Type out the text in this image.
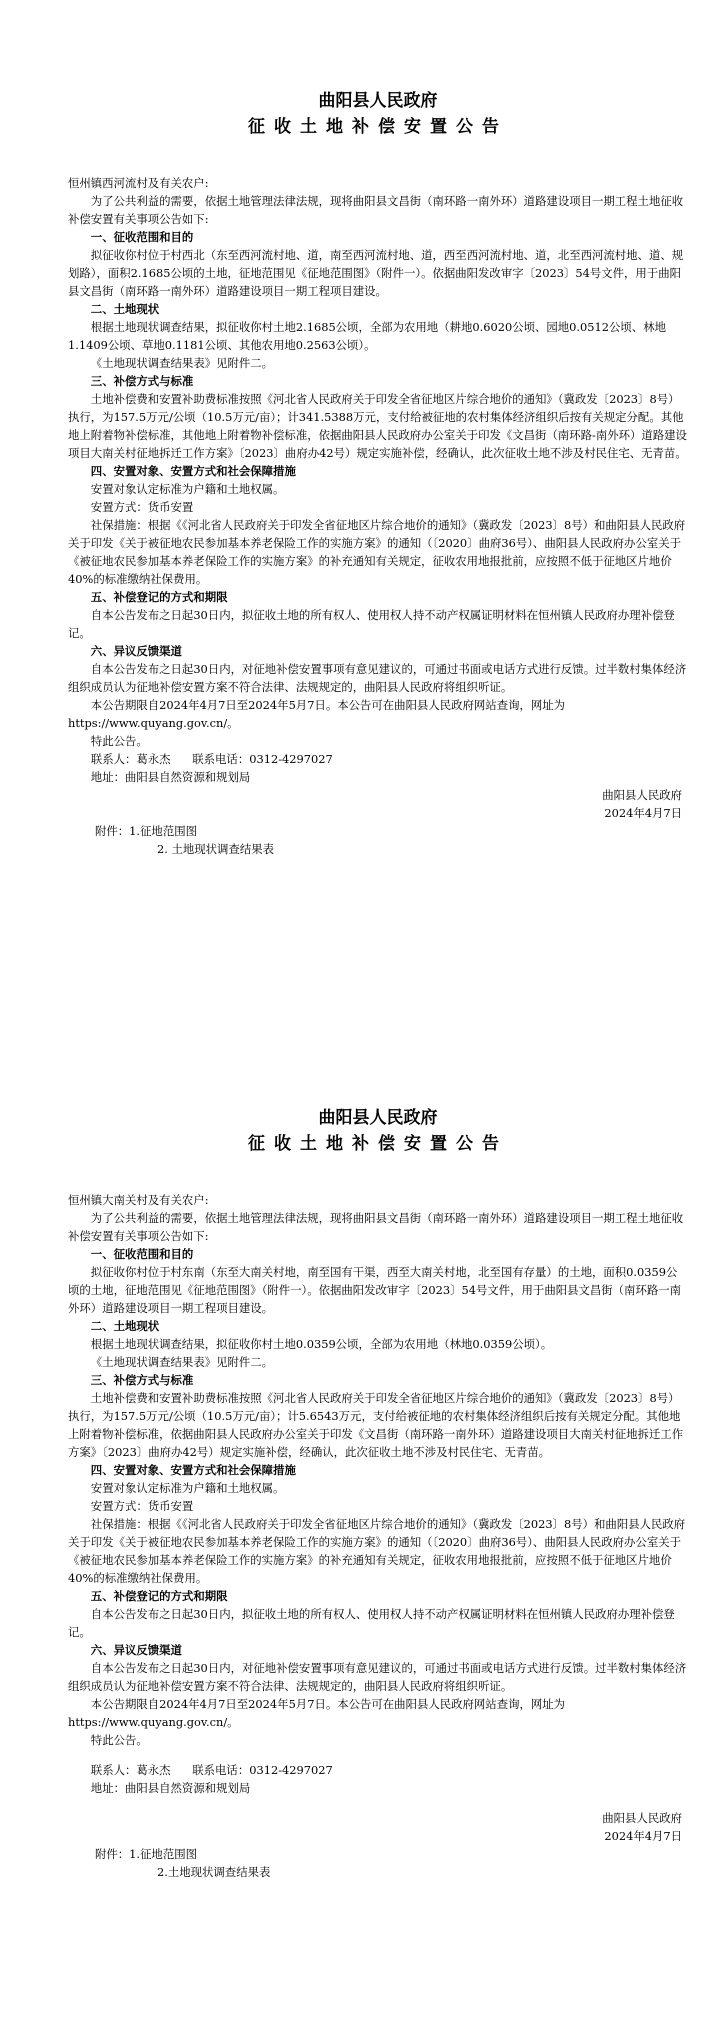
曲阳县人民政府

征收土地补偿安置公告

恒州镇西河流村及有关农户:

为了公共利益的需要，依据土地管理法律法规，现将曲阳县文昌街（南环路一南外环）道路建设项目一期工程土地征收补偿安置有关事项公告如下:

一、征收范围和目的

拟征收你村位于村西北（东至西河流村地、道，南至西河流村地、道，西至西河流村地、道，北至西河流村地、道、规划路），面积2.1685公顷的土地，征地范围见《征地范围图》（附件一）。依据曲阳发改审字〔2023〕54号文件，用于曲阳县文昌街（南环路一南外环）道路建设项目一期工程项目建设。

二、土地现状

根据土地现状调查结果，拟征收你村土地2.1685公顷，全部为农用地（耕地0.6020公顷、园地0.0512公顷、林地1.1409公顷、草地0.1181公顷、其他农用地0.2563公顷）。

《土地现状调查结果表》见附件二。

三、补偿方式与标准

土地补偿费和安置补助费标准按照《河北省人民政府关于印发全省征地区片综合地价的通知》（冀政发〔2023〕8号）执行，为157.5万元/公顷（10.5万元/亩）；计341.5388万元，支付给被征地的农村集体经济组织后按有关规定分配。其他地上附着物补偿标准，其他地上附着物补偿标准，依据曲阳县人民政府办公室关于印发《文昌街（南环路-南外环）道路建设项目大南关村征地拆迁工作方案》〔2023〕曲府办42号）规定实施补偿，经确认，此次征收土地不涉及村民住宅、无青苗。

四、安置对象、安置方式和社会保障措施

安置对象认定标准为户籍和土地权属。

安置方式：货币安置

社保措施：根据《《河北省人民政府关于印发全省征地区片综合地价的通知》（冀政发〔2023〕8号）和曲阳县人民政府关于印发《关于被征地农民参加基本养老保险工作的实施方案》的通知（〔2020〕曲府36号）、曲阳县人民政府办公室关于《被征地农民参加基本养老保险工作的实施方案》的补充通知有关规定，征收农用地报批前，应按照不低于征地区片地价40%的标准缴纳社保费用。

五、补偿登记的方式和期限

自本公告发布之日起30日内，拟征收土地的所有权人、使用权人持不动产权属证明材料在恒州镇人民政府办理补偿登记。

六、异议反馈渠道

自本公告发布之日起30日内，对征地补偿安置事项有意见建议的，可通过书面或电话方式进行反馈。过半数村集体经济组织成员认为征地补偿安置方案不符合法律、法规规定的，曲阳县人民政府将组织听证。

本公告期限自2024年4月7日至2024年5月7日。本公告可在曲阳县人民政府网站查询，网址为https://www.quyang.gov.cn/。

特此公告。

联系人：葛永杰      联系电话：0312-4297027

地址：曲阳县自然资源和规划局

曲阳县人民政府

2024年4月7日

附件：1.征地范围图

2. 土地现状调查结果表

曲阳县人民政府

征收土地补偿安置公告

恒州镇大南关村及有关农户:

为了公共利益的需要，依据土地管理法律法规，现将曲阳县文昌街（南环路一南外环）道路建设项目一期工程土地征收补偿安置有关事项公告如下:

一、征收范围和目的

拟征收你村位于村东南（东至大南关村地，南至国有干渠，西至大南关村地，北至国有存量）的土地，面积0.0359公顷的土地，征地范围见《征地范围图》（附件一）。依据曲阳发改审字〔2023〕54号文件，用于曲阳县文昌街（南环路一南外环）道路建设项目一期工程项目建设。

二、土地现状

根据土地现状调查结果，拟征收你村土地0.0359公顷，全部为农用地（林地0.0359公顷）。

《土地现状调查结果表》见附件二。

三、补偿方式与标准

土地补偿费和安置补助费标准按照《河北省人民政府关于印发全省征地区片综合地价的通知》（冀政发〔2023〕8号）执行，为157.5万元/公顷（10.5万元/亩）；计5.6543万元，支付给被征地的农村集体经济组织后按有关规定分配。其他地上附着物补偿标准，依据曲阳县人民政府办公室关于印发《文昌街（南环路一南外环）道路建设项目大南关村征地拆迁工作方案》〔2023〕曲府办42号）规定实施补偿，经确认，此次征收土地不涉及村民住宅、无青苗。

四、安置对象、安置方式和社会保障措施

安置对象认定标准为户籍和土地权属。

安置方式：货币安置

社保措施：根据《《河北省人民政府关于印发全省征地区片综合地价的通知》（冀政发〔2023〕8号）和曲阳县人民政府关于印发《关于被征地农民参加基本养老保险工作的实施方案》的通知（〔2020〕曲府36号）、曲阳县人民政府办公室关于《被征地农民参加基本养老保险工作的实施方案》的补充通知有关规定，征收农用地报批前，应按照不低于征地区片地价40%的标准缴纳社保费用。

五、补偿登记的方式和期限

自本公告发布之日起30日内，拟征收土地的所有权人、使用权人持不动产权属证明材料在恒州镇人民政府办理补偿登记。

六、异议反馈渠道

自本公告发布之日起30日内，对征地补偿安置事项有意见建议的，可通过书面或电话方式进行反馈。过半数村集体经济组织成员认为征地补偿安置方案不符合法律、法规规定的，曲阳县人民政府将组织听证。

本公告期限自2024年4月7日至2024年5月7日。本公告可在曲阳县人民政府网站查询，网址为https://www.quyang.gov.cn/。

特此公告。

联系人：葛永杰      联系电话：0312-4297027

地址：曲阳县自然资源和规划局

曲阳县人民政府

2024年4月7日

附件：1.征地范围图

2.土地现状调查结果表
